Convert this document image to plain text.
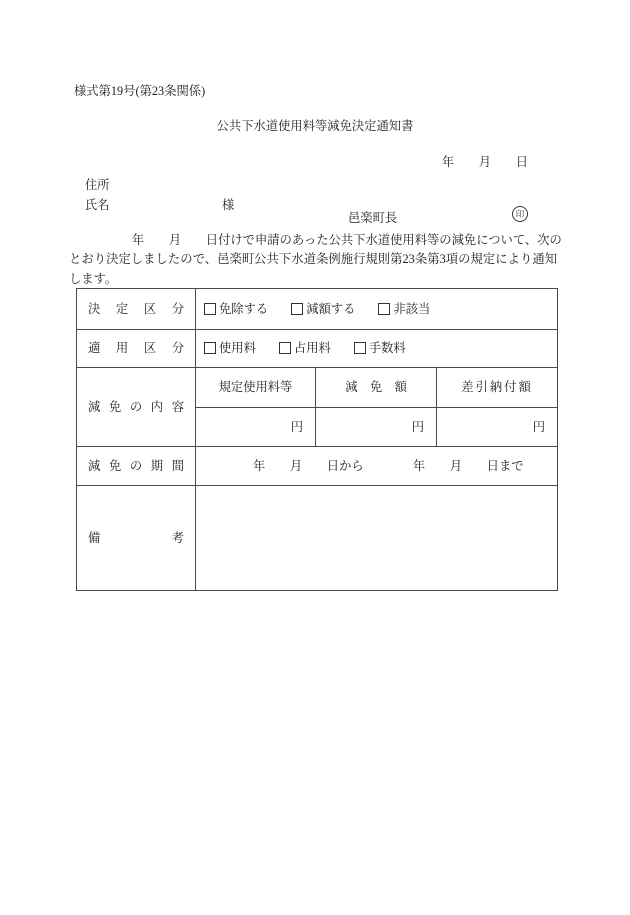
様式第19号(第23条関係)
公共下水道使用料等減免決定通知書
年　　月　　日
住所
氏名	様
邑楽町長	印
年　　月　　日付けで申請のあった公共下水道使用料等の減免について、次の
とおり決定しましたので、邑楽町公共下水道条例施行規則第23条第3項の規定により通知
します。
決定区分	免除する 減額する 非該当		

適用区分	使用料 占用料 手数料		

減免の内容	規定使用料等	減　免　額	差引納付額
	円	円	円

減免の期間	年　　月　　日から　　　　年　　月　　日まで		

備考			
